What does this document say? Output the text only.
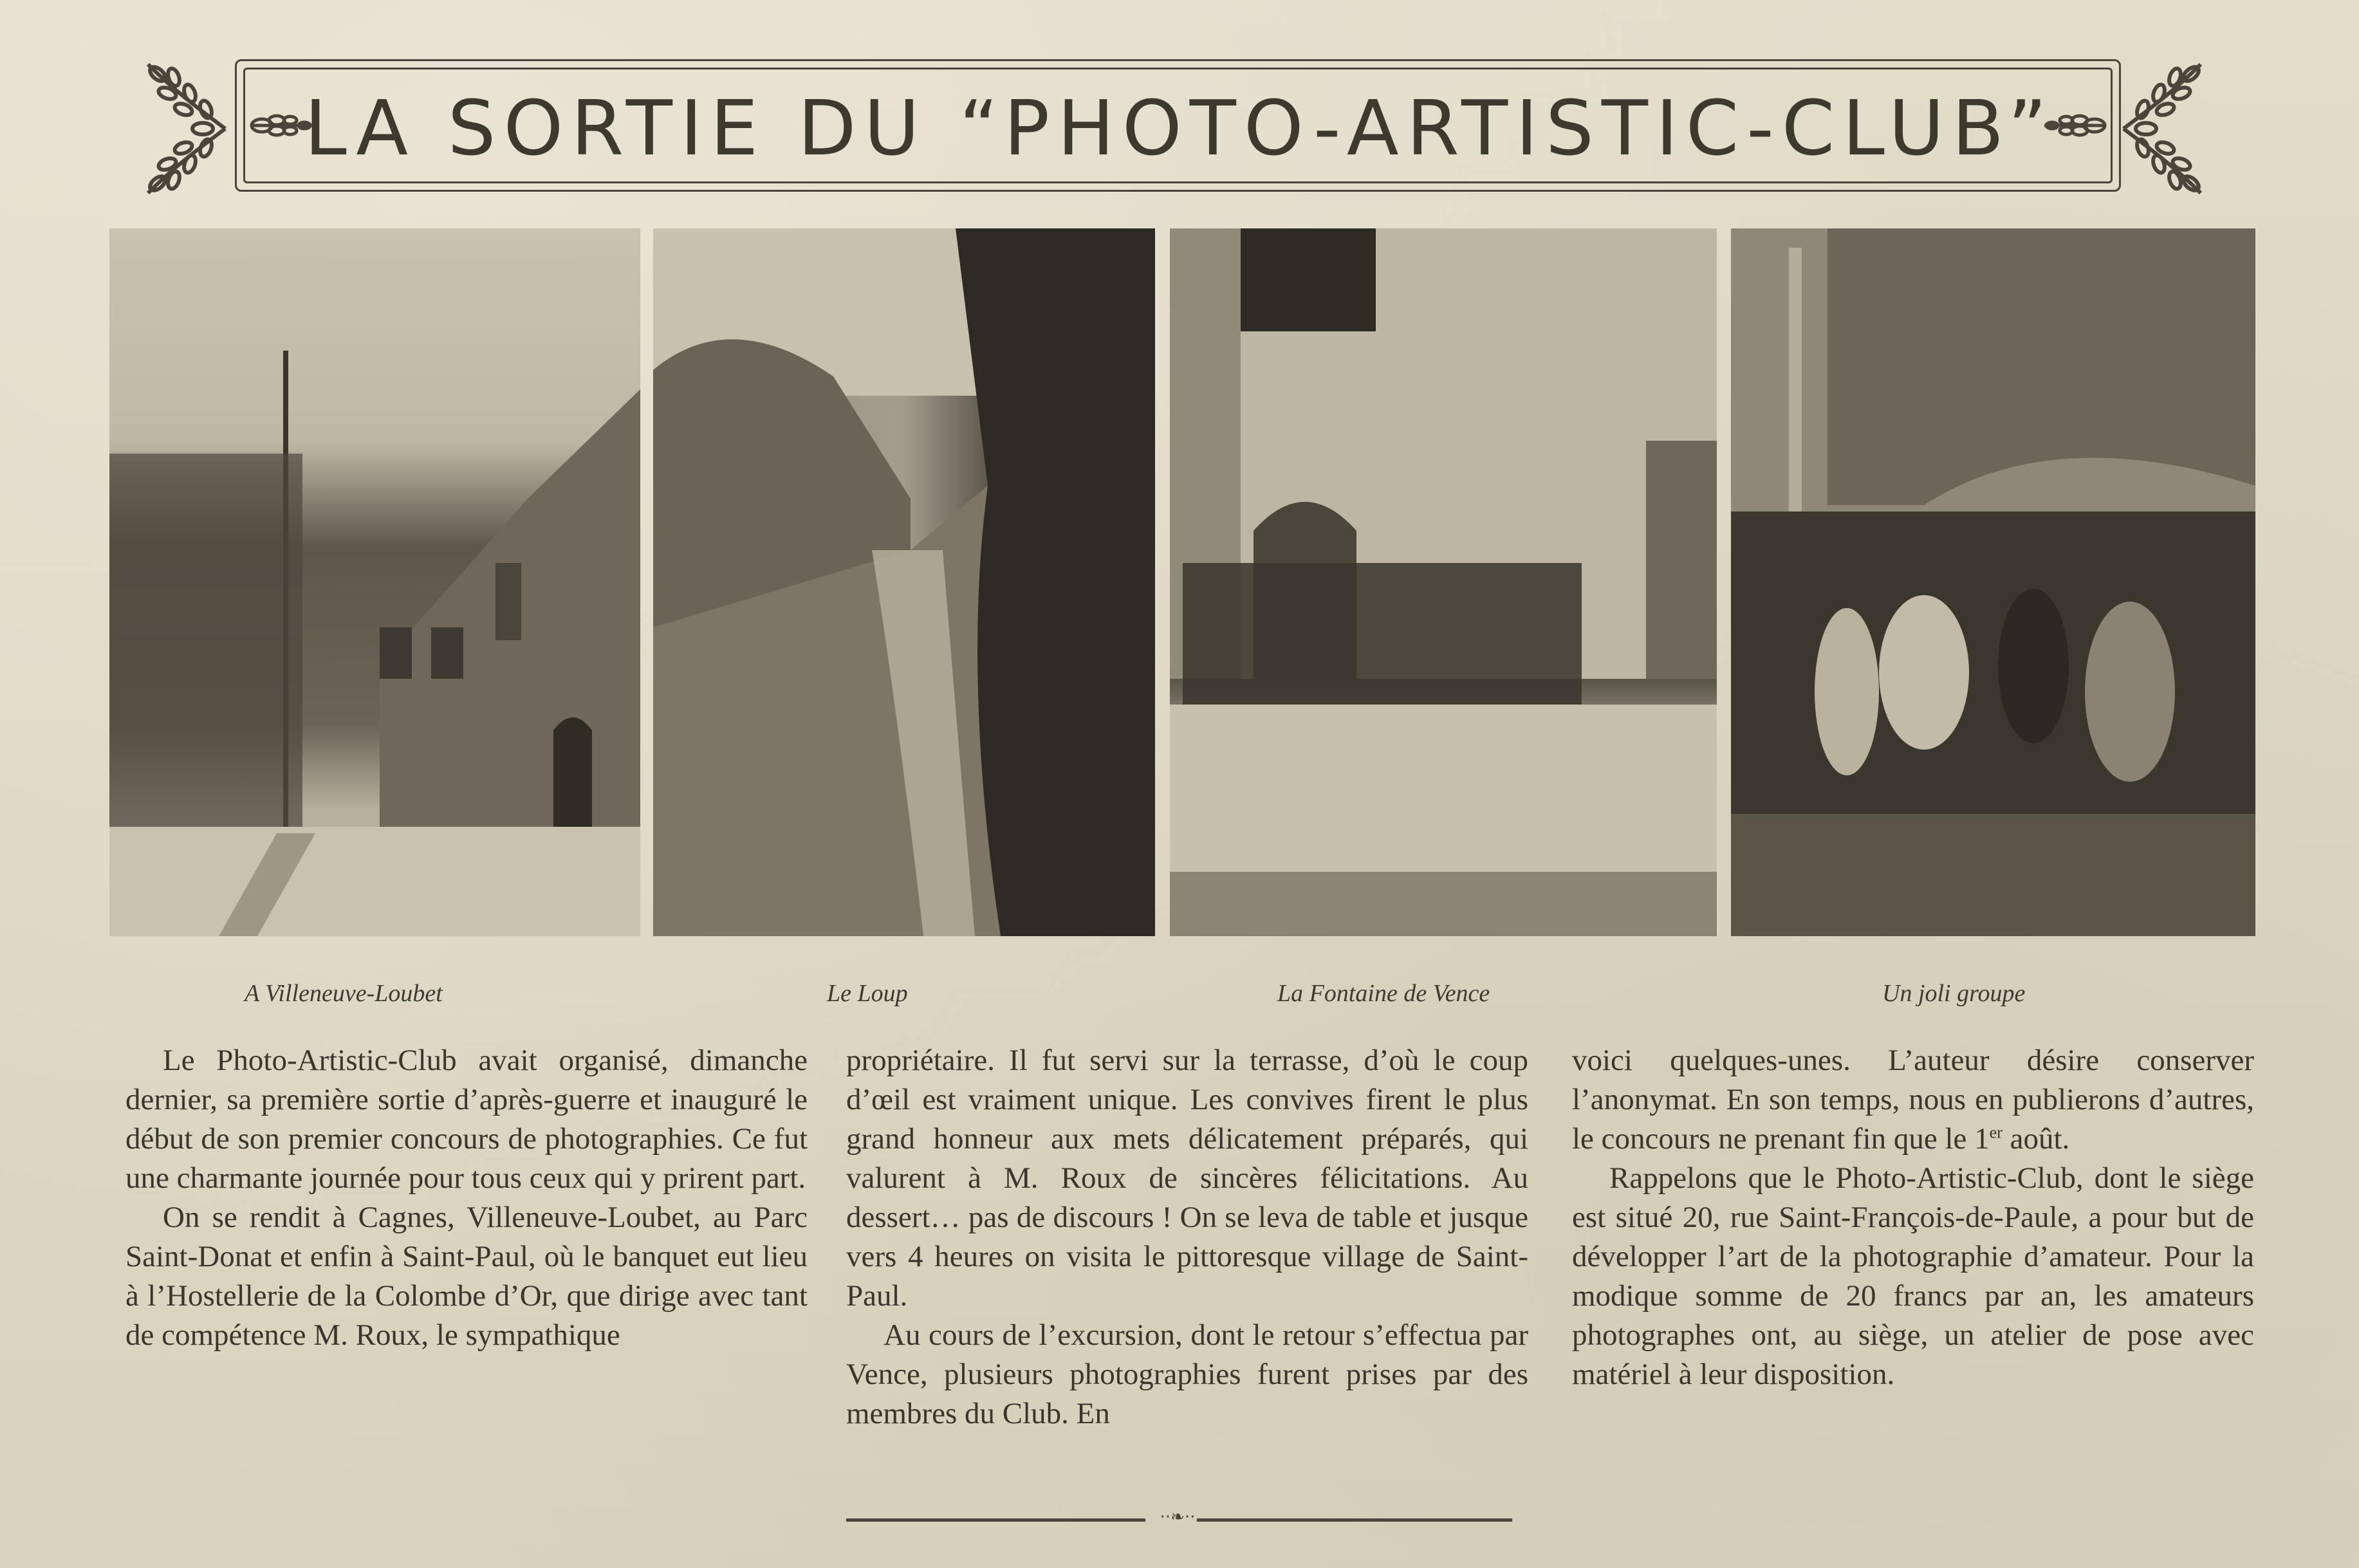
LA SORTIE DU “PHOTO-ARTISTIC-CLUB”
A Villeneuve-Loubet	Le Loup	La Fontaine de Vence	Un joli groupe

Le Photo-Artistic-Club avait organisé, dimanche dernier, sa première sortie d’après-guerre et inauguré le début de son premier concours de photographies. Ce fut une charmante journée pour tous ceux qui y prirent part.

On se rendit à Cagnes, Villeneuve-Loubet, au Parc Saint-Donat et enfin à Saint-Paul, où le banquet eut lieu à l’Hostellerie de la Colombe d’Or, que dirige avec tant de compétence M. Roux, le sympathique

propriétaire. Il fut servi sur la terrasse, d’où le coup d’œil est vraiment unique. Les convives firent le plus grand honneur aux mets délicatement préparés, qui valurent à M. Roux de sincères félicitations. Au dessert… pas de discours ! On se leva de table et jusque vers 4 heures on visita le pittoresque village de Saint-Paul.

Au cours de l’excursion, dont le retour s’effectua par Vence, plusieurs photographies furent prises par des membres du Club. En

voici quelques-unes. L’auteur désire conserver l’anonymat. En son temps, nous en publierons d’autres, le concours ne prenant fin que le 1er août.

Rappelons que le Photo-Artistic-Club, dont le siège est situé 20, rue Saint-François-de-Paule, a pour but de développer l’art de la photographie d’amateur. Pour la modique somme de 20 francs par an, les amateurs photographes ont, au siège, un atelier de pose avec matériel à leur disposition.

··❧··
